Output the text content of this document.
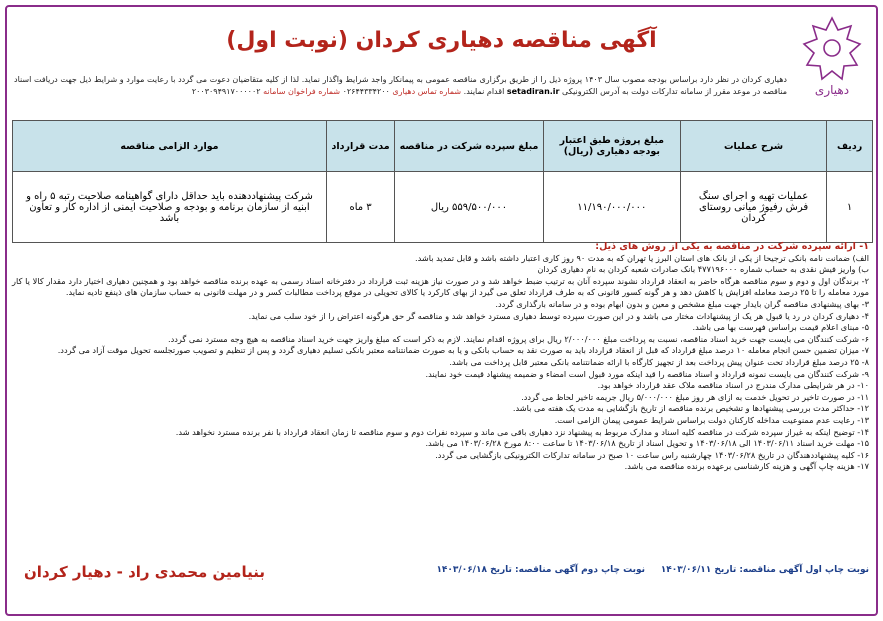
دهیاری
آگهی مناقصه دهیاری کردان (نوبت اول)
دهیاری کردان در نظر دارد براساس بودجه مصوب سال ۱۴۰۳ پروژه ذیل را از طریق برگزاری مناقصه عمومی به پیمانکار واجد شرایط واگذار نماید. لذا از کلیه متقاضیان دعوت می گردد با رعایت موارد و شرایط ذیل جهت دریافت اسناد مناقصه در موعد مقرر از سامانه تدارکات دولت به آدرس الکترونیکی setadiran.ir اقدام نمایند. شماره تماس دهیاری ۰۲۶۴۴۳۳۴۲۰۰ شماره فراخوان سامانه ۲۰۰۳۰۹۴۹۱۷۰۰۰۰۰۲
ردیف	شرح عملیات	مبلغ پروژه طبق اعتبار بودجه دهیاری (ریال)	مبلغ سپرده شرکت در مناقصه	مدت قرارداد	موارد الزامی مناقصه
۱	عملیات تهیه و اجرای سنگ فرش رفیوژ میانی روستای کردان	۱۱/۱۹۰/۰۰۰/۰۰۰	۵۵۹/۵۰۰/۰۰۰ ریال	۳ ماه	شرکت پیشنهاددهنده باید حداقل دارای گواهینامه صلاحیت رتبه ۵ راه و ابنیه از سازمان برنامه و بودجه و صلاحیت ایمنی از اداره کار و تعاون باشد
۱- ارائه سپرده شرکت در مناقصه به یکی از روش های ذیل:

الف) ضمانت نامه بانکی ترجیحا از یکی از بانک های استان البرز یا تهران که به مدت ۹۰ روز کاری اعتبار داشته باشد و قابل تمدید باشد.

ب) واریز فیش نقدی به حساب شماره ۴۷۷۱۹۶۰۰۰ بانک صادرات شعبه کردان به نام دهیاری کردان

۲- برندگان اول و دوم و سوم مناقصه هرگاه حاضر به انعقاد قرارداد نشوند سپرده آنان به ترتیب ضبط خواهد شد و در صورت نیاز هزینه ثبت قرارداد در دفترخانه اسناد رسمی به عهده برنده مناقصه خواهد بود و همچنین دهیاری اختیار دارد مقدار کالا یا کار مورد معامله را تا ۲۵ درصد معامله افزایش یا کاهش دهد و هر گونه کسور قانونی که به طرف قرارداد تعلق می گیرد از بهای کارکرد یا کالای تحویلی در موقع پرداخت مطالبات کسر و در مهلت قانونی به حساب سازمان های ذینفع تادیه نماید.

۳- بهای پیشنهادی مناقصه گران بایدار جهت مبلغ مشخص و معین و بدون ابهام بوده و در سامانه بارگذاری گردد.

۴- دهیاری کردان در رد یا قبول هر یک از پیشنهادات مختار می باشد و در این صورت سپرده توسط دهیاری مسترد خواهد شد و مناقصه گر حق هرگونه اعتراض را از خود سلب می نماید.

۵- مبنای اعلام قیمت براساس فهرست بها می باشد.

۶- شرکت کنندگان می بایست جهت خرید اسناد مناقصه، نسبت به پرداخت مبلغ ۲/۰۰۰/۰۰۰ ریال برای پروژه اقدام نمایند. لازم به ذکر است که مبلغ واریز جهت خرید اسناد مناقصه به هیچ وجه مسترد نمی گردد.

۷- میزان تضمین حسن انجام معامله ۱۰ درصد مبلغ قرارداد که قبل از انعقاد قرارداد باید به صورت نقد به حساب بانکی و یا به صورت ضمانتنامه معتبر بانکی تسلیم دهیاری گردد و پس از تنظیم و تصویب صورتجلسه تحویل موقت آزاد می گردد.

۸- ۲۵ درصد مبلغ قرارداد تحت عنوان پیش پرداخت بعد از تجهیز کارگاه با ارائه ضمانتنامه بانکی معتبر قابل پرداخت می باشد.

۹- شرکت کنندگان می بایست نمونه قرارداد و اسناد مناقصه را قید اینکه مورد قبول است امضاء و ضمیمه پیشنهاد قیمت خود نمایند.

۱۰- در هر شرایطی مدارک مندرج در اسناد مناقصه ملاک عقد قرارداد خواهد بود.

۱۱- در صورت تاخیر در تحویل خدمت به ازای هر روز مبلغ ۵/۰۰۰/۰۰۰ ریال جریمه تاخیر لحاظ می گردد.

۱۲- حداکثر مدت بررسی پیشنهادها و تشخیص برنده مناقصه از تاریخ بازگشایی به مدت یک هفته می باشد.

۱۳- رعایت عدم ممنوعیت مداخله کارکنان دولت براساس شرایط عمومی پیمان الزامی است.

۱۴- توضیح اینکه به غیراز سپرده شرکت در مناقصه کلیه اسناد و مدارک مربوط به پیشنهاد نزد دهیاری باقی می ماند و سپرده نفرات دوم و سوم مناقصه تا زمان انعقاد قرارداد با نفر برنده مسترد نخواهد شد.

۱۵- مهلت خرید اسناد ۱۴۰۳/۰۶/۱۱ الی ۱۴۰۳/۰۶/۱۸ و تحویل اسناد از تاریخ ۱۴۰۳/۰۶/۱۸ تا ساعت ۸:۰۰ مورخ ۱۴۰۳/۰۶/۲۸ می باشد.

۱۶- کلیه پیشنهاددهندگان در تاریخ ۱۴۰۳/۰۶/۲۸ چهارشنبه راس ساعت ۱۰ صبح در سامانه تدارکات الکترونیکی بازگشایی می گردد.

۱۷- هزینه چاپ آگهی و هزینه کارشناسی برعهده برنده مناقصه می باشد.

نوبت چاپ اول آگهی مناقصه: تاریخ ۱۴۰۳/۰۶/۱۱     نوبت چاپ دوم آگهی مناقصه: تاریخ ۱۴۰۳/۰۶/۱۸
بنیامین محمدی راد - دهیار کردان
